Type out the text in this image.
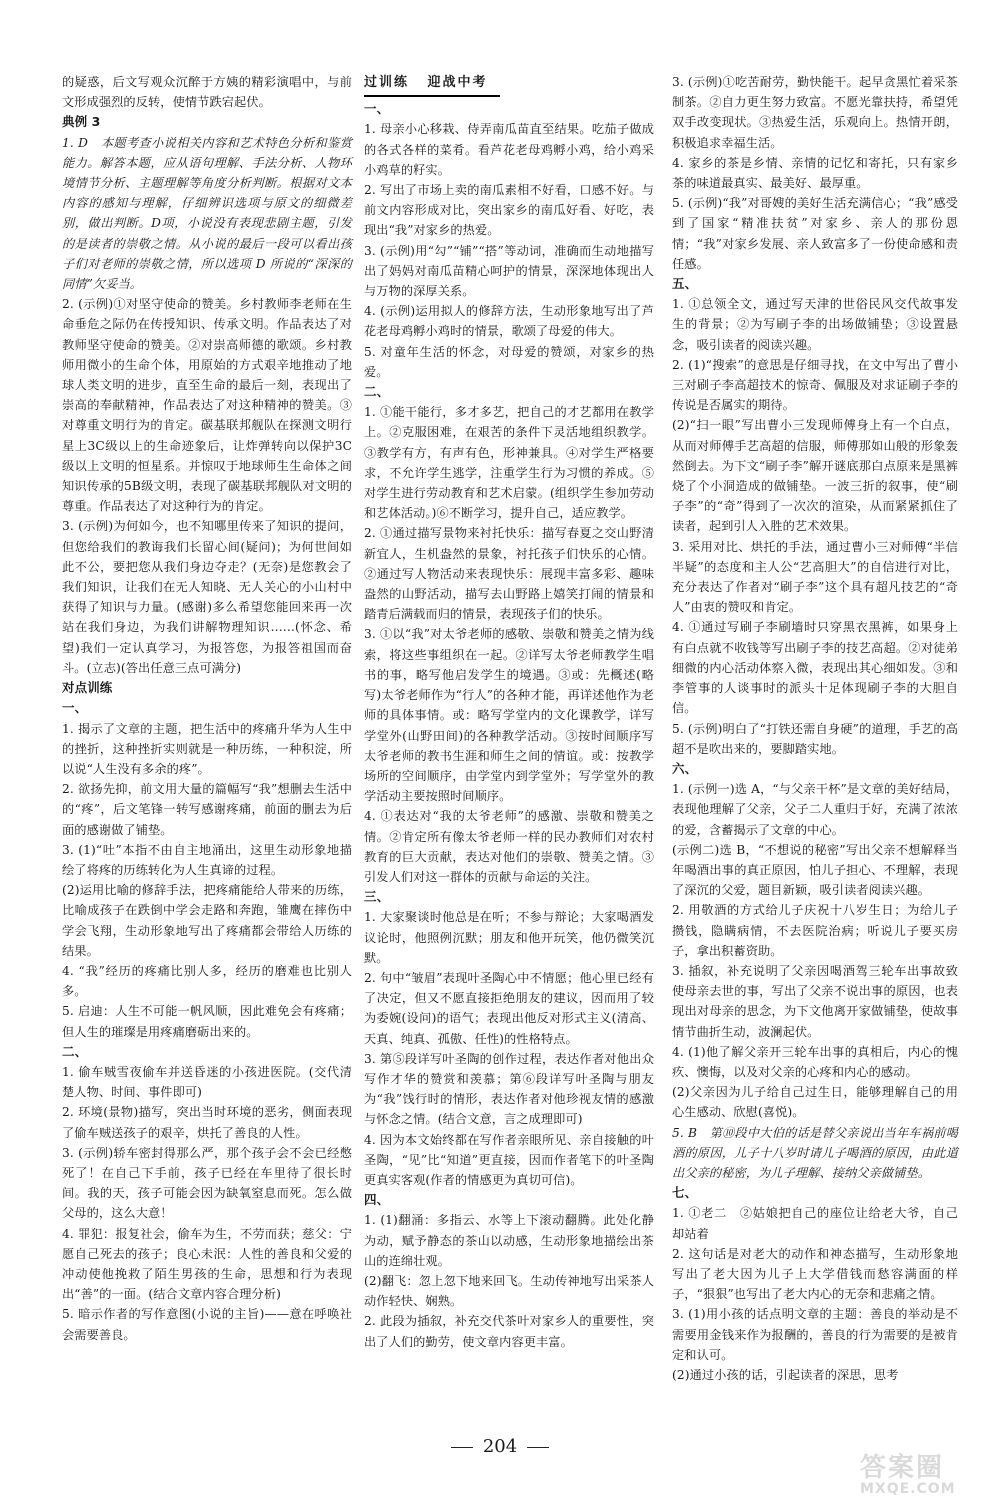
的疑惑，后文写观众沉醉于方姨的精彩演唱中，与前文形成强烈的反转，使情节跌宕起伏。
典例 3
1. D　本题考查小说相关内容和艺术特色分析和鉴赏能力。解答本题，应从语句理解、手法分析、人物环境情节分析、主题理解等角度分析判断。根据对文本内容的感知与理解，仔细辨识选项与原文的细微差别，做出判断。D项，小说没有表现悲剧主题，引发的是读者的崇敬之情。从小说的最后一段可以看出孩子们对老师的崇敬之情，所以选项 D 所说的“深深的同情”欠妥当。
2. (示例)①对坚守使命的赞美。乡村教师李老师在生命垂危之际仍在传授知识、传承文明。作品表达了对教师坚守使命的赞美。②对崇高师德的歌颂。乡村教师用微小的生命个体，用原始的方式艰辛地推动了地球人类文明的进步，直至生命的最后一刻，表现出了崇高的奉献精神，作品表达了对这种精神的赞美。③对尊重文明行为的肯定。碳基联邦舰队在探测文明行星上3C级以上的生命迹象后，让炸弹转向以保护3C级以上文明的恒星系。并惊叹于地球师生生命体之间知识传承的5B级文明，表现了碳基联邦舰队对文明的尊重。作品表达了对这种行为的肯定。
3. (示例)为何如今，也不知哪里传来了知识的提问，但您给我们的教诲我们长留心间(疑问)；为何世间如此不公，要把您从我们身边夺走？(无奈)是您教会了我们知识，让我们在无人知晓、无人关心的小山村中获得了知识与力量。(感谢)多么希望您能回来再一次站在我们身边，为我们讲解物理知识……(怀念、希望)我们一定认真学习，为报答您，为报答祖国而奋斗。(立志)(答出任意三点可满分)
对点训练
一、
1. 揭示了文章的主题，把生活中的疼痛升华为人生中的挫折，这种挫折实则就是一种历练，一种积淀，所以说“人生没有多余的疼”。
2. 欲扬先抑，前文用大量的篇幅写“我”想删去生活中的“疼”，后文笔锋一转写感谢疼痛，前面的删去为后面的感谢做了铺垫。
3. (1)“吐”本指不由自主地涌出，这里生动形象地描绘了将疼的历练转化为人生真谛的过程。
(2)运用比喻的修辞手法，把疼痛能给人带来的历练，比喻成孩子在跌倒中学会走路和奔跑，雏鹰在摔伤中学会飞翔，生动形象地写出了疼痛都会带给人历练的结果。
4. “我”经历的疼痛比别人多，经历的磨难也比别人多。
5. 启迪：人生不可能一帆风顺，因此难免会有疼痛；但人生的璀璨是用疼痛磨砺出来的。
二、
1. 偷车贼雪夜偷车并送昏迷的小孩进医院。(交代清楚人物、时间、事件即可)
2. 环境(景物)描写，突出当时环境的恶劣，侧面表现了偷车贼送孩子的艰辛，烘托了善良的人性。
3. (示例)轿车密封得那么严，那个孩子会不会已经憋死了！在自己下手前，孩子已经在车里待了很长时间。我的天，孩子可能会因为缺氧窒息而死。怎么做父母的，这么大意！
4. 罪犯：报复社会，偷车为生，不劳而获；慈父：宁愿自己死去的孩子；良心未泯：人性的善良和父爱的冲动使他挽救了陌生男孩的生命，思想和行为表现出“善”的一面。(结合文章内容合理分析)
5. 暗示作者的写作意图(小说的主旨)——意在呼唤社会需要善良。
过训练 迎战中考
一、
1. 母亲小心移栽、侍弄南瓜苗直至结果。吃茄子做成的各式各样的菜肴。看芦花老母鸡孵小鸡，给小鸡采小鸡草的籽实。
2. 写出了市场上卖的南瓜素相不好看，口感不好。与前文内容形成对比，突出家乡的南瓜好看、好吃，表现出“我”对家乡的热爱。
3. (示例)用“勾”“铺”“搭”等动词，准确而生动地描写出了妈妈对南瓜苗精心呵护的情景，深深地体现出人与万物的深厚关系。
4. (示例)运用拟人的修辞方法，生动形象地写出了芦花老母鸡孵小鸡时的情景，歌颂了母爱的伟大。
5. 对童年生活的怀念，对母爱的赞颂，对家乡的热爱。
二、
1. ①能干能行，多才多艺，把自己的才艺都用在教学上。②克服困难，在艰苦的条件下灵活地组织教学。③教学有方，有声有色，形神兼具。④对学生严格要求，不允许学生逃学，注重学生行为习惯的养成。⑤对学生进行劳动教育和艺术启蒙。(组织学生参加劳动和艺体活动。)⑥不断学习，提升自己，适应教学。
2. ①通过描写景物来衬托快乐：描写春夏之交山野清新宜人，生机盎然的景象，衬托孩子们快乐的心情。②通过写人物活动来表现快乐：展现丰富多彩、趣味盎然的山野活动，描写去山野路上嬉笑打闹的情景和踏青后满载而归的情景，表现孩子们的快乐。
3. ①以“我”对太爷老师的感敬、崇敬和赞美之情为线索，将这些事组织在一起。②详写太爷老师教学生唱书的事，略写他启发学生的境遇。③或：先概述(略写)太爷老师作为“行人”的各种才能，再详述他作为老师的具体事情。或：略写学堂内的文化课教学，详写学堂外(山野田间)的各种教学活动。③按时间顺序写太爷老师的教书生涯和师生之间的情谊。或：按教学场所的空间顺序，由学堂内到学堂外；写学堂外的教学活动主要按照时间顺序。
4. ①表达对“我的太爷老师”的感激、崇敬和赞美之情。②肯定所有像太爷老师一样的民办教师们对农村教育的巨大贡献，表达对他们的崇敬、赞美之情。③引发人们对这一群体的贡献与命运的关注。
三、
1. 大家聚谈时他总是在听；不参与辩论；大家喝酒发议论时，他照例沉默；朋友和他开玩笑，他仍微笑沉默。
2. 句中“皱眉”表现叶圣陶心中不情愿；他心里已经有了决定，但又不愿直接拒绝朋友的建议，因而用了较为委婉(设问)的语气；表现出他反对形式主义(清高、天真、纯真、孤傲、任性)的性格特点。
3. 第⑤段详写叶圣陶的创作过程，表达作者对他出众写作才华的赞赏和羡慕；第⑥段详写叶圣陶与朋友为“我”饯行时的情形，表达作者对他珍视友情的感激与怀念之情。(结合文意，言之成理即可)
4. 因为本文始终都在写作者亲眼所见、亲自接触的叶圣陶，“见”比“知道”更直接，因而作者笔下的叶圣陶更真实客观(作者的情感更为真切可信)。
四、
1. (1)翻涌：多指云、水等上下滚动翻腾。此处化静为动，赋予静态的茶山以动感，生动形象地描绘出茶山的连绵壮观。
(2)翻飞：忽上忽下地来回飞。生动传神地写出采茶人动作轻快、娴熟。
2. 此段为插叙，补充交代茶叶对家乡人的重要性，突出了人们的勤劳，使文章内容更丰富。
3. (示例)①吃苦耐劳，勤快能干。起早贪黑忙着采茶制茶。②自力更生努力致富。不愿光靠扶持，希望凭双手改变现状。③热爱生活，乐观向上。热情开朗，积极追求幸福生活。
4. 家乡的茶是乡情、亲情的记忆和寄托，只有家乡茶的味道最真实、最美好、最厚重。
5. (示例)“我”对哥嫂的美好生活充满信心；“我”感受到了国家“精准扶贫”对家乡、亲人的那份恩情；“我”对家乡发展、亲人致富多了一份使命感和责任感。
五、
1. ①总领全文，通过写天津的世俗民风交代故事发生的背景；②为写刷子李的出场做铺垫；③设置悬念，吸引读者的阅读兴趣。
2. (1)“搜索”的意思是仔细寻找，在文中写出了曹小三对刷子李高超技术的惊奇、佩服及对求证刷子李的传说是否属实的期待。
(2)“扫一眼”写出曹小三发现师傅身上有一个白点，从而对师傅手艺高超的信服，师傅那如山般的形象轰然倒去。为下文“刷子李”解开谜底那白点原来是黑裤烧了个小洞造成的做铺垫。一波三折的叙事，使“刷子李”的“奇”得到了一次次的渲染，从而紧紧抓住了读者，起到引人入胜的艺术效果。
3. 采用对比、烘托的手法，通过曹小三对师傅“半信半疑”的态度和主人公“艺高胆大”的自信进行对比，充分表达了作者对“刷子李”这个具有超凡技艺的“奇人”由衷的赞叹和肯定。
4. ①通过写刷子李刷墙时只穿黑衣黑裤，如果身上有白点就不收钱等写出刷子李的技艺高超。②对徒弟细微的内心活动体察入微，表现出其心细如发。③和李管事的人谈事时的派头十足体现刷子李的大胆自信。
5. (示例)明白了“打铁还需自身硬”的道理，手艺的高超不是吹出来的，要脚踏实地。
六、
1. (示例一)选 A，“与父亲干杯”是文章的美好结局，表现他理解了父亲，父子二人重归于好，充满了浓浓的爱，含蓄揭示了文章的中心。
(示例二)选 B，“不想说的秘密”写出父亲不想解释当年喝酒出事的真正原因，怕儿子担心、不理解，表现了深沉的父爱，题目新颖，吸引读者阅读兴趣。
2. 用敬酒的方式给儿子庆祝十八岁生日；为给儿子攒钱，隐瞒病情，不去医院治病；听说儿子要买房子，拿出积蓄资助。
3. 插叙，补充说明了父亲因喝酒驾三轮车出事故致使母亲去世的事，写出了父亲不说出事的原因，也表现出对母亲的思念，为下文他离开家做铺垫，使故事情节曲折生动，波澜起伏。
4. (1)他了解父亲开三轮车出事的真相后，内心的愧疚、懊悔，以及对父亲的心疼和内心的感动。
(2)父亲因为儿子给自己过生日，能够理解自己的用心生感动、欣慰(喜悦)。
5. B　第⑩段中大伯的话是替父亲说出当年车祸前喝酒的原因，儿子十八岁时请儿子喝酒的原因，由此道出父亲的秘密，为儿子理解、接纳父亲做铺垫。
七、
1. ①老二　②姑娘把自己的座位让给老大爷，自己却站着
2. 这句话是对老大的动作和神态描写，生动形象地写出了老大因为儿子上大学借钱而愁容满面的样子，“狠狠”也写出了老大内心的无奈和悲痛之情。
3. (1)用小孩的话点明文章的主题：善良的举动是不需要用金钱来作为报酬的，善良的行为需要的是被肯定和认可。
(2)通过小孩的话，引起读者的深思，思考
204
答案圈
MXQE.COM
